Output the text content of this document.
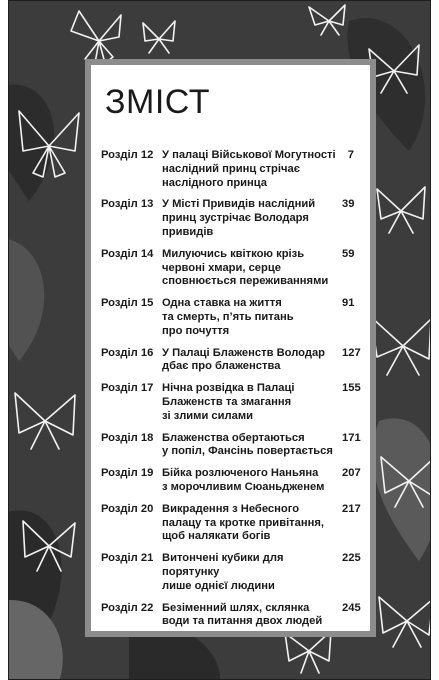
ЗМІСТ
Розділ 12 У палаці Військової Могутності
наслідний принц стрічає
наслідного принца
7
Розділ 13 У Місті Привидів наслідний
принц зустрічає Володаря
привидів
39
Розділ 14 Милуючись квіткою крізь
червоні хмари, серце
сповнюється переживаннями
59
Розділ 15 Одна ставка на життя
та смерть, п’ять питань
про почуття
91
Розділ 16 У Палаці Блаженств Володар
дбає про блаженства
127
Розділ 17 Нічна розвідка в Палаці
Блаженств та змагання
зі злими силами
155
Розділ 18 Блаженства обертаються
у попіл, Фансінь повертається
171
Розділ 19 Бійка розлюченого Наньяна
з морочливим Сюаньдженем
207
Розділ 20 Викрадення з Небесного
палацу та кротке привітання,
щоб налякати богів
217
Розділ 21 Витончені кубики для порятунку
лише однієї людини
225
Розділ 22 Безіменний шлях, склянка
води та питання двох людей
245
